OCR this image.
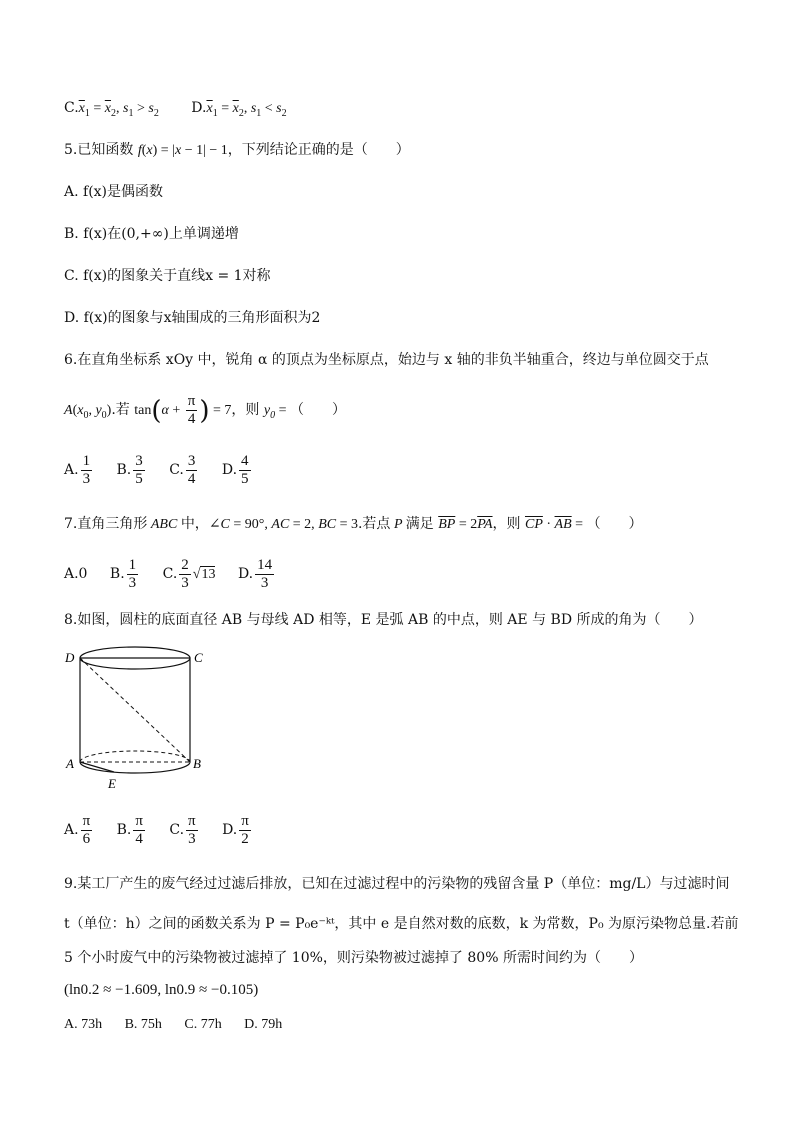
$C.\overline{x}_1 = \overline{x}_2$, $s_1 > s_2$ $D.\overline{x}_1 = \overline{x}_2$, $s_1 < s_2$
5.已知函数 f(x) = |x − 1| − 1，下列结论正确的是（　　）
A. f(x)是偶函数
B. f(x)在(0,+∞)上单调递增
C. f(x)的图象关于直线x = 1对称
D. f(x)的图象与x轴围成的三角形面积为2
6.在直角坐标系 xOy 中，锐角 α 的顶点为坐标原点，始边与 x 轴的非负半轴重合，终边与单位圆交于点
$A(x_0$, $y_0$).若 $\tan(\alpha + \frac{\pi}{4}$ ) = 7，则 $y_0$ = （　　）
A. $\frac{1}{3} B$. $\frac{3}{5} C$. $\frac{3}{4} D$. $\frac{4}{5}$
7.直角三角形 ABC 中，∠C = 90°, AC = 2, BC = 3.若点 P 满足 $\overline{BP} = 2\overline{PA}$，则 $\overline{CP} \cdot \overline{AB}$ = （　　）
A.0 B. $\frac{1}{3} C$. $\frac{2}{3} √13$ D. $\frac{14}{3}$
8.如图，圆柱的底面直径 AB 与母线 AD 相等，E 是弧 AB 的中点，则 AE 与 BD 所成的角为（　　）
D	C
A	B
E
A. $\frac{\pi}{6} B$. $\frac{\pi}{4} C$. $\frac{\pi}{3} D$. $\frac{\pi}{2}$
9.某工厂产生的废气经过过滤后排放，已知在过滤过程中的污染物的残留含量 P（单位：mg/L）与过滤时间
t（单位：h）之间的函数关系为 P = P₀e⁻ᵏᵗ，其中 e 是自然对数的底数，k 为常数，P₀ 为原污染物总量.若前
5 个小时废气中的污染物被过滤掉了 10%，则污染物被过滤掉了 80% 所需时间约为（　　）
(ln0.2 ≈ −1.609, ln0.9 ≈ −0.105)
A. 73h B. 75h C. 77h D. 79h
